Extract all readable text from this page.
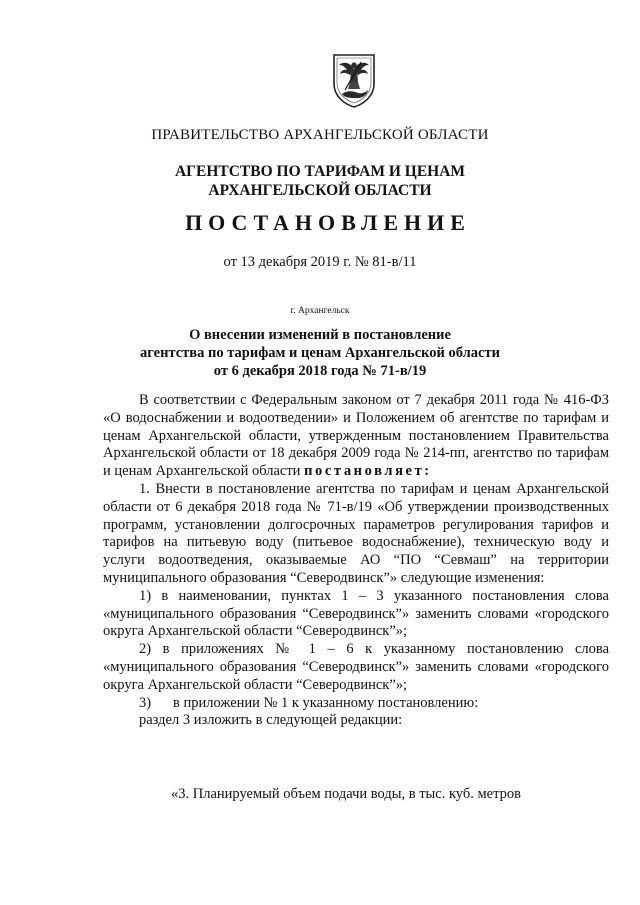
ПРАВИТЕЛЬСТВО АРХАНГЕЛЬСКОЙ ОБЛАСТИ
АГЕНТСТВО ПО ТАРИФАМ И ЦЕНАМ
АРХАНГЕЛЬСКОЙ ОБЛАСТИ
ПОСТАНОВЛЕНИЕ
от 13 декабря 2019 г. № 81-в/11
г. Архангельск
О внесении изменений в постановление
агентства по тарифам и ценам Архангельской области
от 6 декабря 2018 года № 71-в/19

В соответствии с Федеральным законом от 7 декабря 2011 года № 416-ФЗ «О водоснабжении и водоотведении» и Положением об агентстве по тарифам и ценам Архангельской области, утвержденным постановлением Правительства Архангельской области от 18 декабря 2009 года № 214-пп, агентство по тарифам и ценам Архангельской области постановляет:

1. Внести в постановление агентства по тарифам и ценам Архангельской области от 6 декабря 2018 года № 71-в/19 «Об утверждении производственных программ, установлении долгосрочных параметров регулирования тарифов и тарифов на питьевую воду (питьевое водоснабжение), техническую воду и услуги водоотведения, оказываемые АО “ПО “Севмаш” на территории муниципального образования “Северодвинск”» следующие изменения:

1) в наименовании, пунктах 1 – 3 указанного постановления слова «муниципального образования “Северодвинск”» заменить словами «городского округа Архангельской области “Северодвинск”»;

2) в приложениях № 1 – 6 к указанному постановлению слова «муниципального образования “Северодвинск”» заменить словами «городского округа Архангельской области “Северодвинск”»;

3)	в приложении № 1 к указанному постановлению:

раздел 3 изложить в следующей редакции:

«3. Планируемый объем подачи воды, в тыс. куб. метров
